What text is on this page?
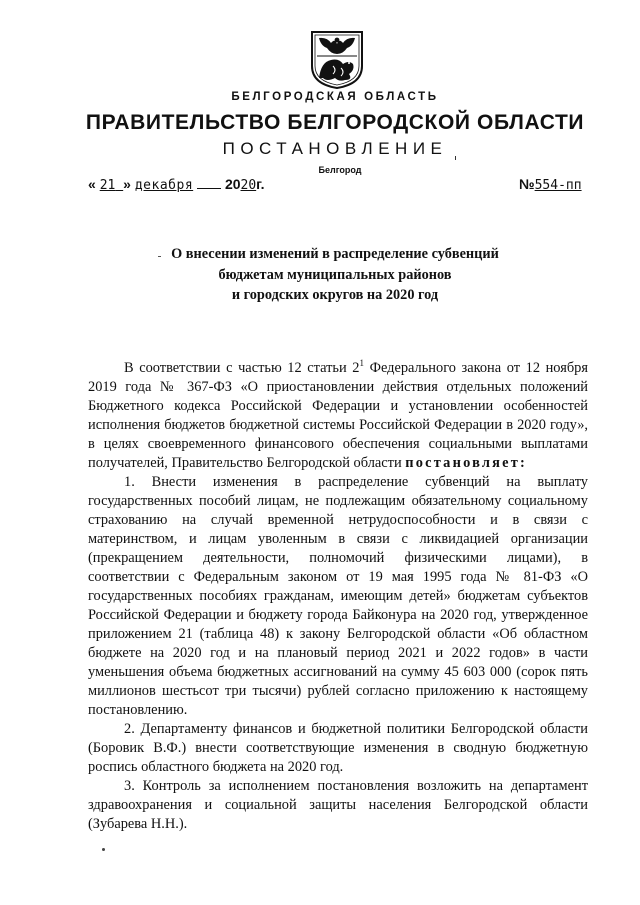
БЕЛГОРОДСКАЯ ОБЛАСТЬ
ПРАВИТЕЛЬСТВО БЕЛГОРОДСКОЙ ОБЛАСТИ
ПОСТАНОВЛЕНИЕ
Белгород
« 21 » декабря 2020г.	№554-пп
О внесении изменений в распределение субвенций
бюджетам муниципальных районов
и городских округов на 2020 год

В соответствии с частью 12 статьи $2^1$ Федерального закона от 12 ноября 2019 года № 367-ФЗ «О приостановлении действия отдельных положений Бюджетного кодекса Российской Федерации и установлении особенностей исполнения бюджетов бюджетной системы Российской Федерации в 2020 году», в целях своевременного финансового обеспечения социальными выплатами получателей, Правительство Белгородской области постановляет:

1. Внести изменения в распределение субвенций на выплату государственных пособий лицам, не подлежащим обязательному социальному страхованию на случай временной нетрудоспособности и в связи с материнством, и лицам уволенным в связи с ликвидацией организации (прекращением деятельности, полномочий физическими лицами), в соответствии с Федеральным законом от 19 мая 1995 года № 81-ФЗ «О государственных пособиях гражданам, имеющим детей» бюджетам субъектов Российской Федерации и бюджету города Байконура на 2020 год, утвержденное приложением 21 (таблица 48) к закону Белгородской области «Об областном бюджете на 2020 год и на плановый период 2021 и 2022 годов» в части уменьшения объема бюджетных ассигнований на сумму 45 603 000 (сорок пять миллионов шестьсот три тысячи) рублей согласно приложению к настоящему постановлению.

2. Департаменту финансов и бюджетной политики Белгородской области (Боровик В.Ф.) внести соответствующие изменения в сводную бюджетную роспись областного бюджета на 2020 год.

3. Контроль за исполнением постановления возложить на департамент здравоохранения и социальной защиты населения Белгородской области (Зубарева Н.Н.).
